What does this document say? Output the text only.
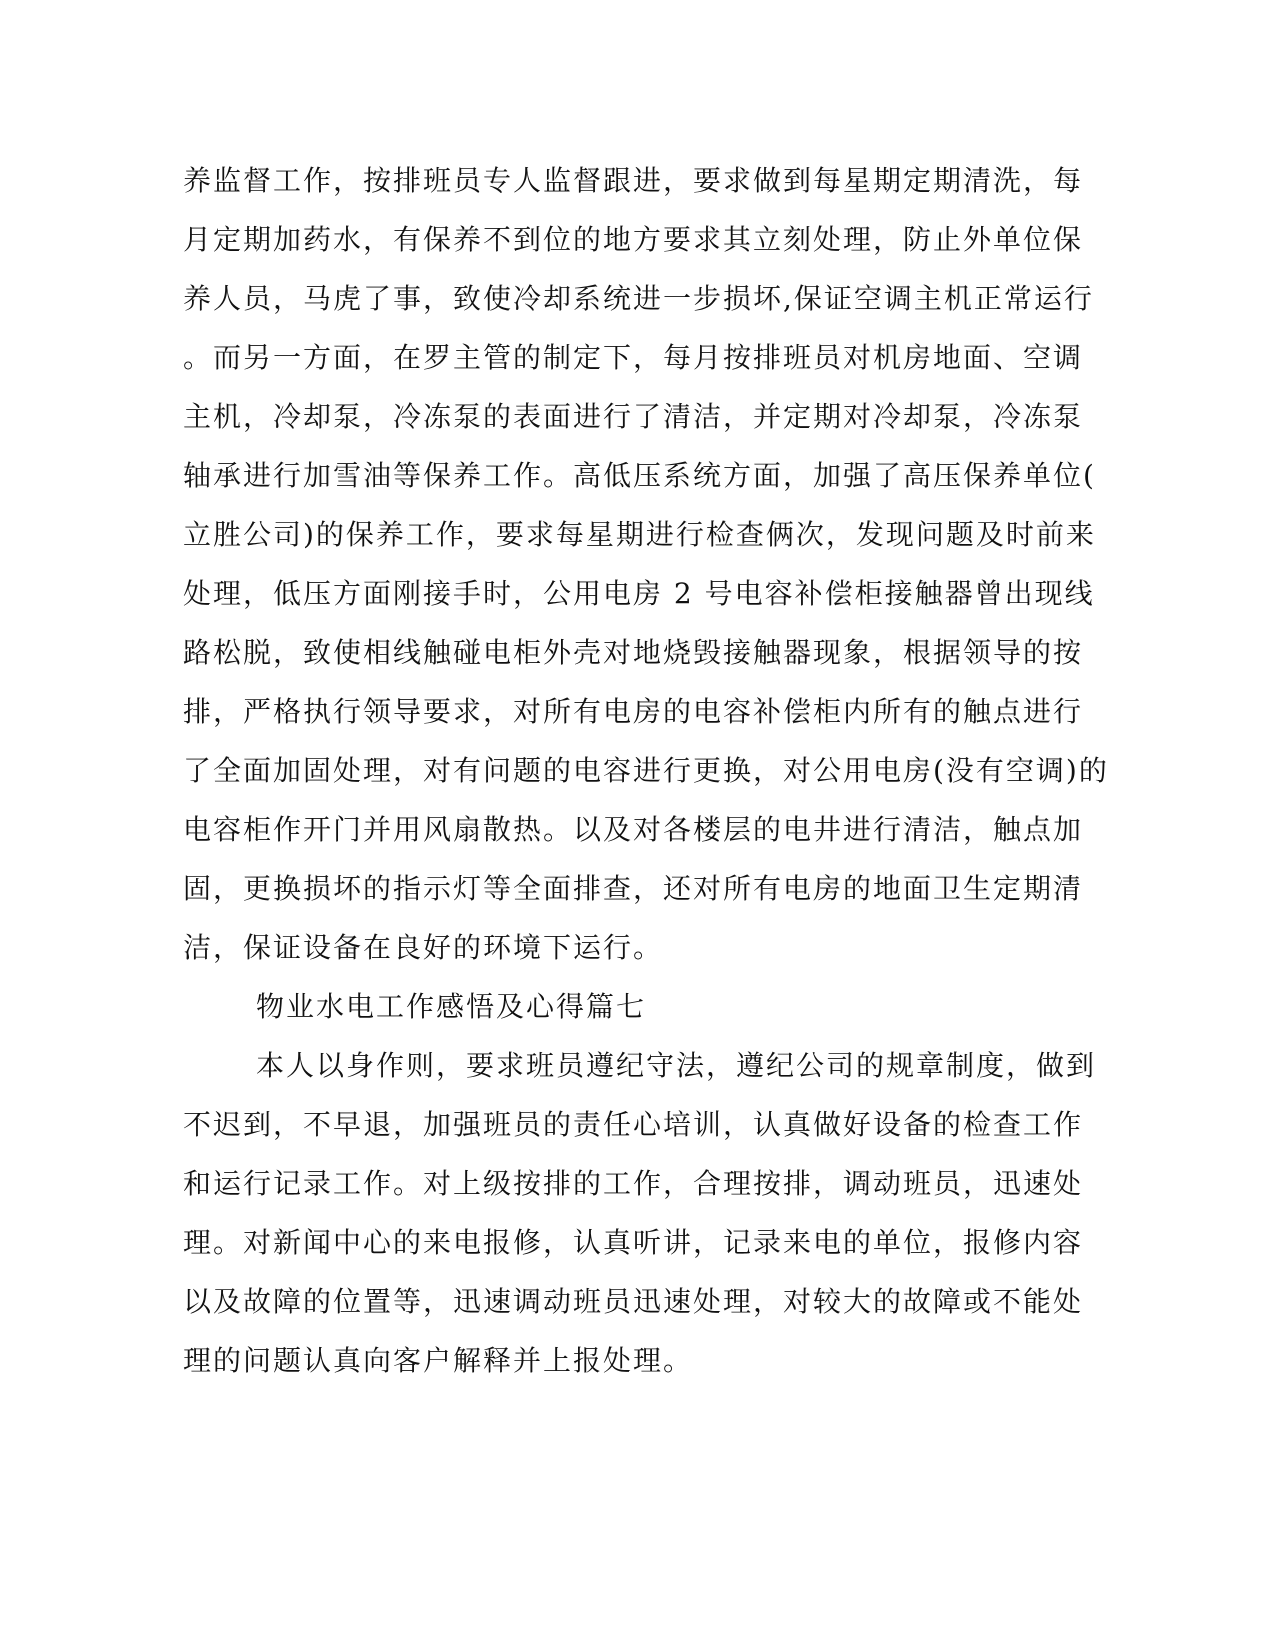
养监督工作，按排班员专人监督跟进，要求做到每星期定期清洗，每
月定期加药水，有保养不到位的地方要求其立刻处理，防止外单位保
养人员，马虎了事，致使冷却系统进一步损坏,保证空调主机正常运行
。而另一方面，在罗主管的制定下，每月按排班员对机房地面、空调
主机，冷却泵，冷冻泵的表面进行了清洁，并定期对冷却泵，冷冻泵
轴承进行加雪油等保养工作。高低压系统方面，加强了高压保养单位(
立胜公司)的保养工作，要求每星期进行检查俩次，发现问题及时前来
处理，低压方面刚接手时，公用电房 2 号电容补偿柜接触器曾出现线
路松脱，致使相线触碰电柜外壳对地烧毁接触器现象，根据领导的按
排，严格执行领导要求，对所有电房的电容补偿柜内所有的触点进行
了全面加固处理，对有问题的电容进行更换，对公用电房(没有空调)的
电容柜作开门并用风扇散热。以及对各楼层的电井进行清洁，触点加
固，更换损坏的指示灯等全面排查，还对所有电房的地面卫生定期清
洁，保证设备在良好的环境下运行。
物业水电工作感悟及心得篇七
本人以身作则，要求班员遵纪守法，遵纪公司的规章制度，做到
不迟到，不早退，加强班员的责任心培训，认真做好设备的检查工作
和运行记录工作。对上级按排的工作，合理按排，调动班员，迅速处
理。对新闻中心的来电报修，认真听讲，记录来电的单位，报修内容
以及故障的位置等，迅速调动班员迅速处理，对较大的故障或不能处
理的问题认真向客户解释并上报处理。
